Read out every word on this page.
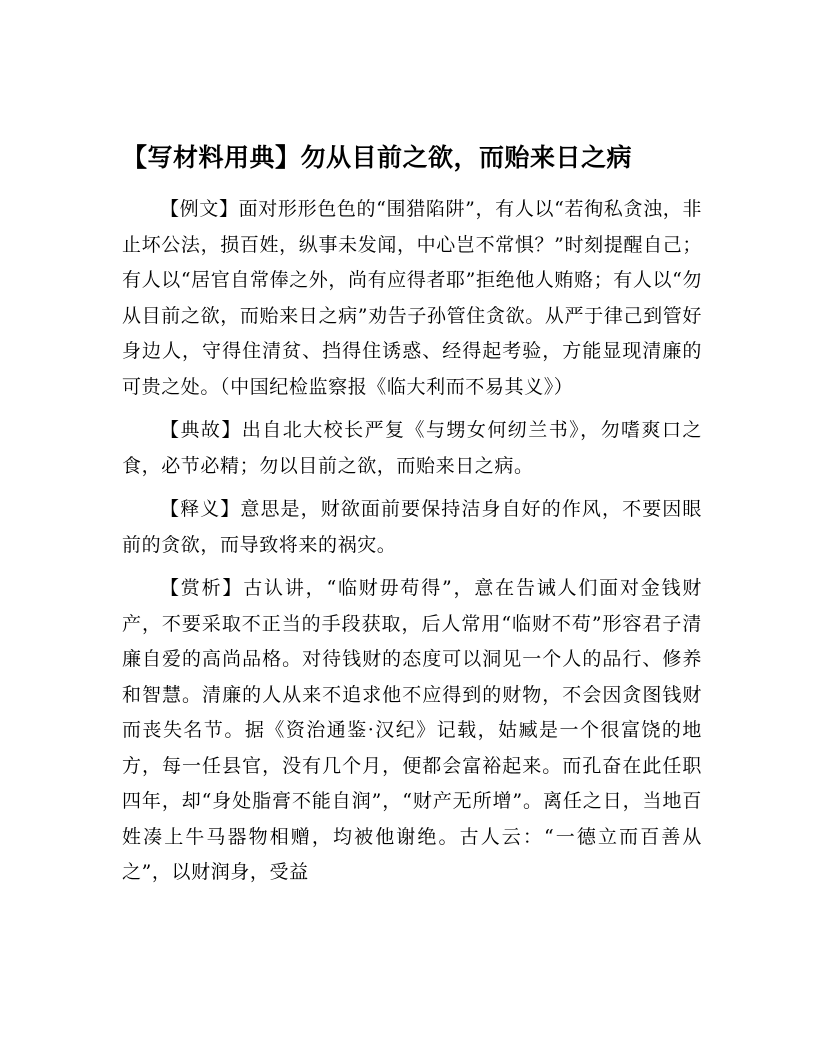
【写材料用典】勿从目前之欲，而贻来日之病

【例文】面对形形色色的“围猎陷阱”，有人以“若徇私贪浊，非止坏公法，损百姓，纵事未发闻，中心岂不常惧？”时刻提醒自己；有人以“居官自常俸之外，尚有应得者耶”拒绝他人贿赂；有人以“勿从目前之欲，而贻来日之病”劝告子孙管住贪欲。从严于律己到管好身边人，守得住清贫、挡得住诱惑、经得起考验，方能显现清廉的可贵之处。（中国纪检监察报《临大利而不易其义》）

【典故】出自北大校长严复《与甥女何纫兰书》，勿嗜爽口之食，必节必精；勿以目前之欲，而贻来日之病。

【释义】意思是，财欲面前要保持洁身自好的作风，不要因眼前的贪欲，而导致将来的祸灾。

【赏析】古认讲，“临财毋苟得”，意在告诫人们面对金钱财产，不要采取不正当的手段获取，后人常用“临财不苟”形容君子清廉自爱的高尚品格。对待钱财的态度可以洞见一个人的品行、修养和智慧。清廉的人从来不追求他不应得到的财物，不会因贪图钱财而丧失名节。据《资治通鉴·汉纪》记载，姑臧是一个很富饶的地方，每一任县官，没有几个月，便都会富裕起来。而孔奋在此任职四年，却“身处脂膏不能自润”，“财产无所增”。离任之日，当地百姓凑上牛马器物相赠，均被他谢绝。古人云：“一德立而百善从之”，以财润身，受益
